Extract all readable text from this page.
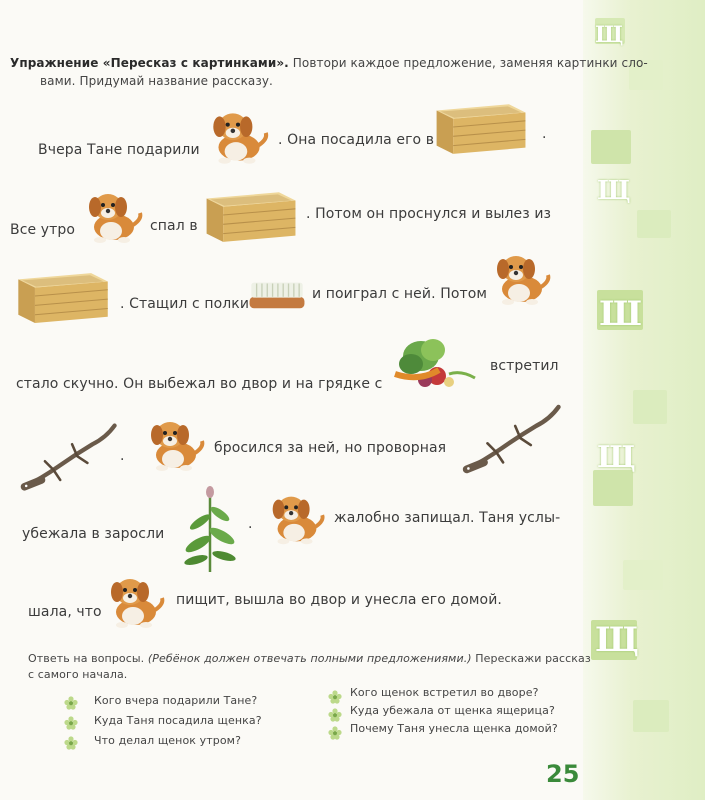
Щ
Щ
Ш
Щ
Щ
Упражнение «Пересказ с картинками». Повтори каждое предложение, заменяя картинки сло-
вами. Придумай название рассказу.
Вчера Тане подарили
. Она посадила его в	.
Все утро	спал в
. Потом он проснулся и вылез из
. Стащил с полки
и поиграл с ней. Потом
стало скучно. Он выбежал во двор и на грядке с
встретил
.	бросился за ней, но проворная
убежала в заросли
.	жалобно запищал. Таня услы-
шала, что
пищит, вышла во двор и унесла его домой.
Ответь на вопросы. (Ребёнок должен отвечать полными предложениями.) Перескажи рассказ
с самого начала.
Кого вчера подарили Тане?
Куда Таня посадила щенка?
Что делал щенок утром?
Кого щенок встретил во дворе?
Куда убежала от щенка ящерица?
Почему Таня унесла щенка домой?
25
